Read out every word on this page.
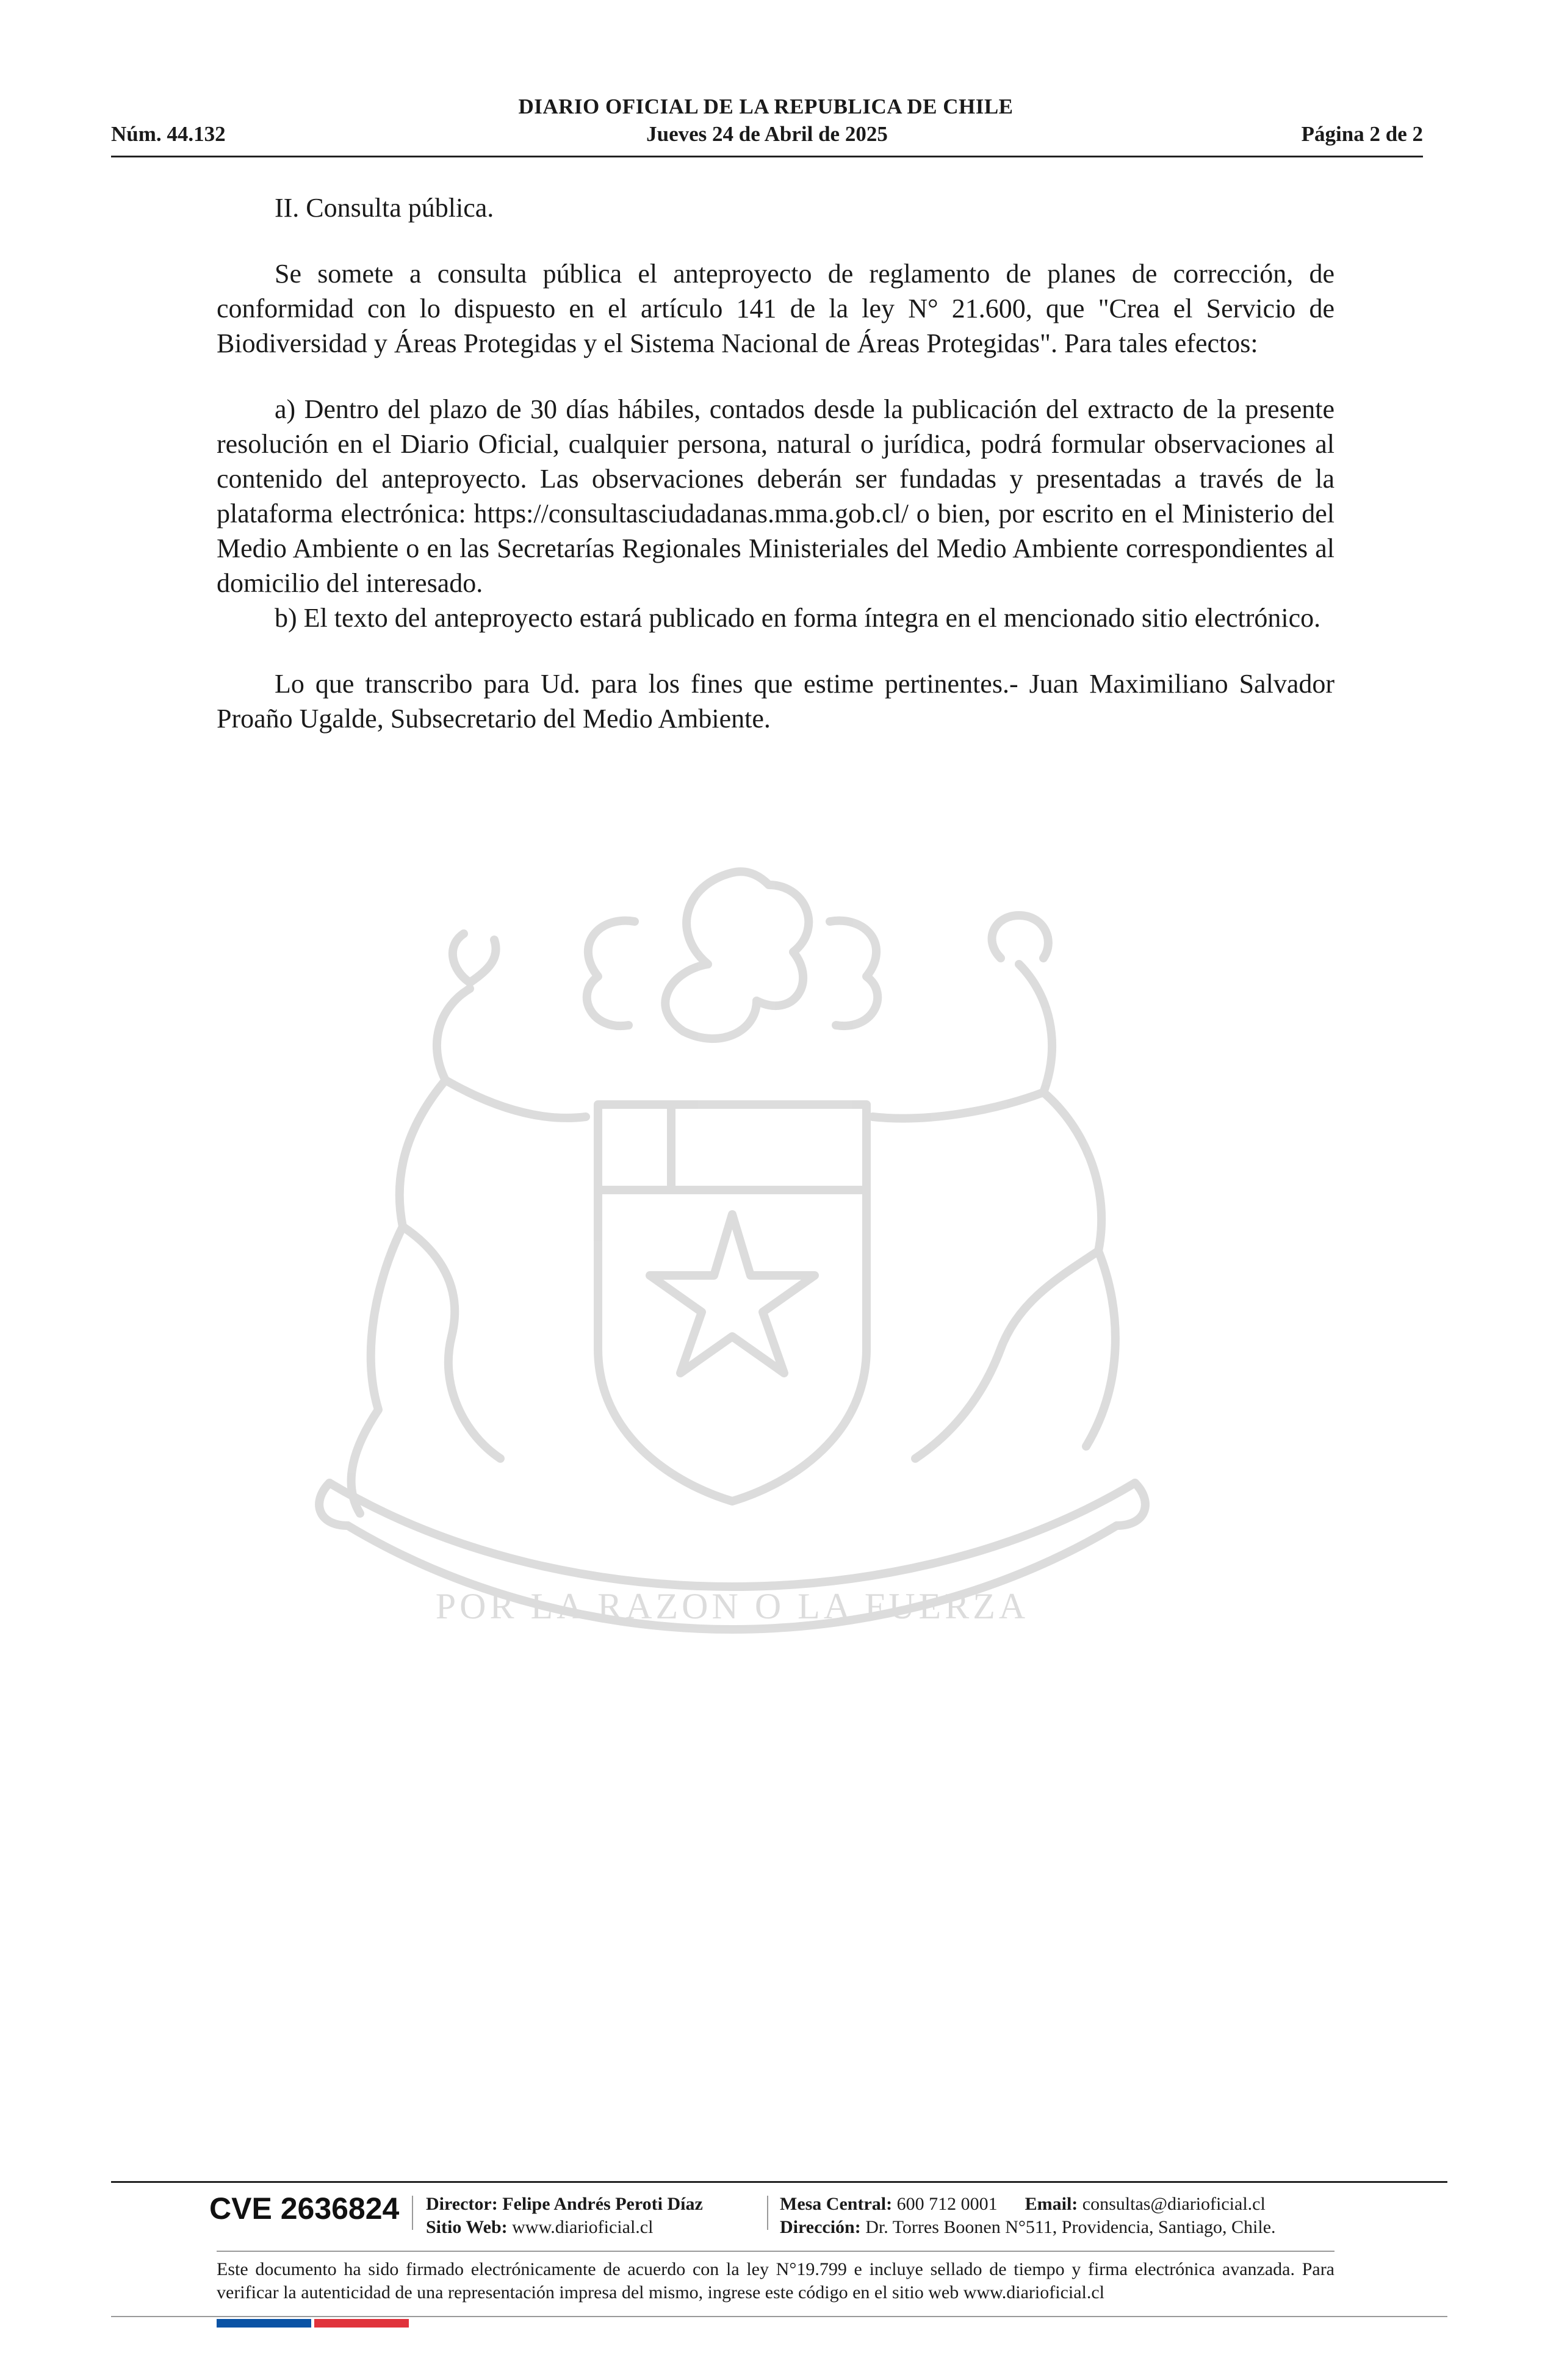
DIARIO OFICIAL DE LA REPUBLICA DE CHILE
Núm. 44.132	Jueves 24 de Abril de 2025	Página 2 de 2
POR LA RAZON O LA FUERZA

II. Consulta pública.

Se somete a consulta pública el anteproyecto de reglamento de planes de corrección, de conformidad con lo dispuesto en el artículo 141 de la ley N° 21.600, que "Crea el Servicio de Biodiversidad y Áreas Protegidas y el Sistema Nacional de Áreas Protegidas". Para tales efectos:

a) Dentro del plazo de 30 días hábiles, contados desde la publicación del extracto de la presente resolución en el Diario Oficial, cualquier persona, natural o jurídica, podrá formular observaciones al contenido del anteproyecto. Las observaciones deberán ser fundadas y presentadas a través de la plataforma electrónica: https://consultasciudadanas.mma.gob.cl/ o bien, por escrito en el Ministerio del Medio Ambiente o en las Secretarías Regionales Ministeriales del Medio Ambiente correspondientes al domicilio del interesado.

b) El texto del anteproyecto estará publicado en forma íntegra en el mencionado sitio electrónico.

Lo que transcribo para Ud. para los fines que estime pertinentes.- Juan Maximiliano Salvador Proaño Ugalde, Subsecretario del Medio Ambiente.

CVE 2636824 Director: Felipe Andrés Peroti Díaz
Sitio Web: www.diarioficial.cl
Mesa Central: 600 712 0001 Email: consultas@diarioficial.cl
Dirección: Dr. Torres Boonen N°511, Providencia, Santiago, Chile.
Este documento ha sido firmado electrónicamente de acuerdo con la ley N°19.799 e incluye sellado de tiempo y firma electrónica avanzada. Para verificar la autenticidad de una representación impresa del mismo, ingrese este código en el sitio web www.diarioficial.cl
